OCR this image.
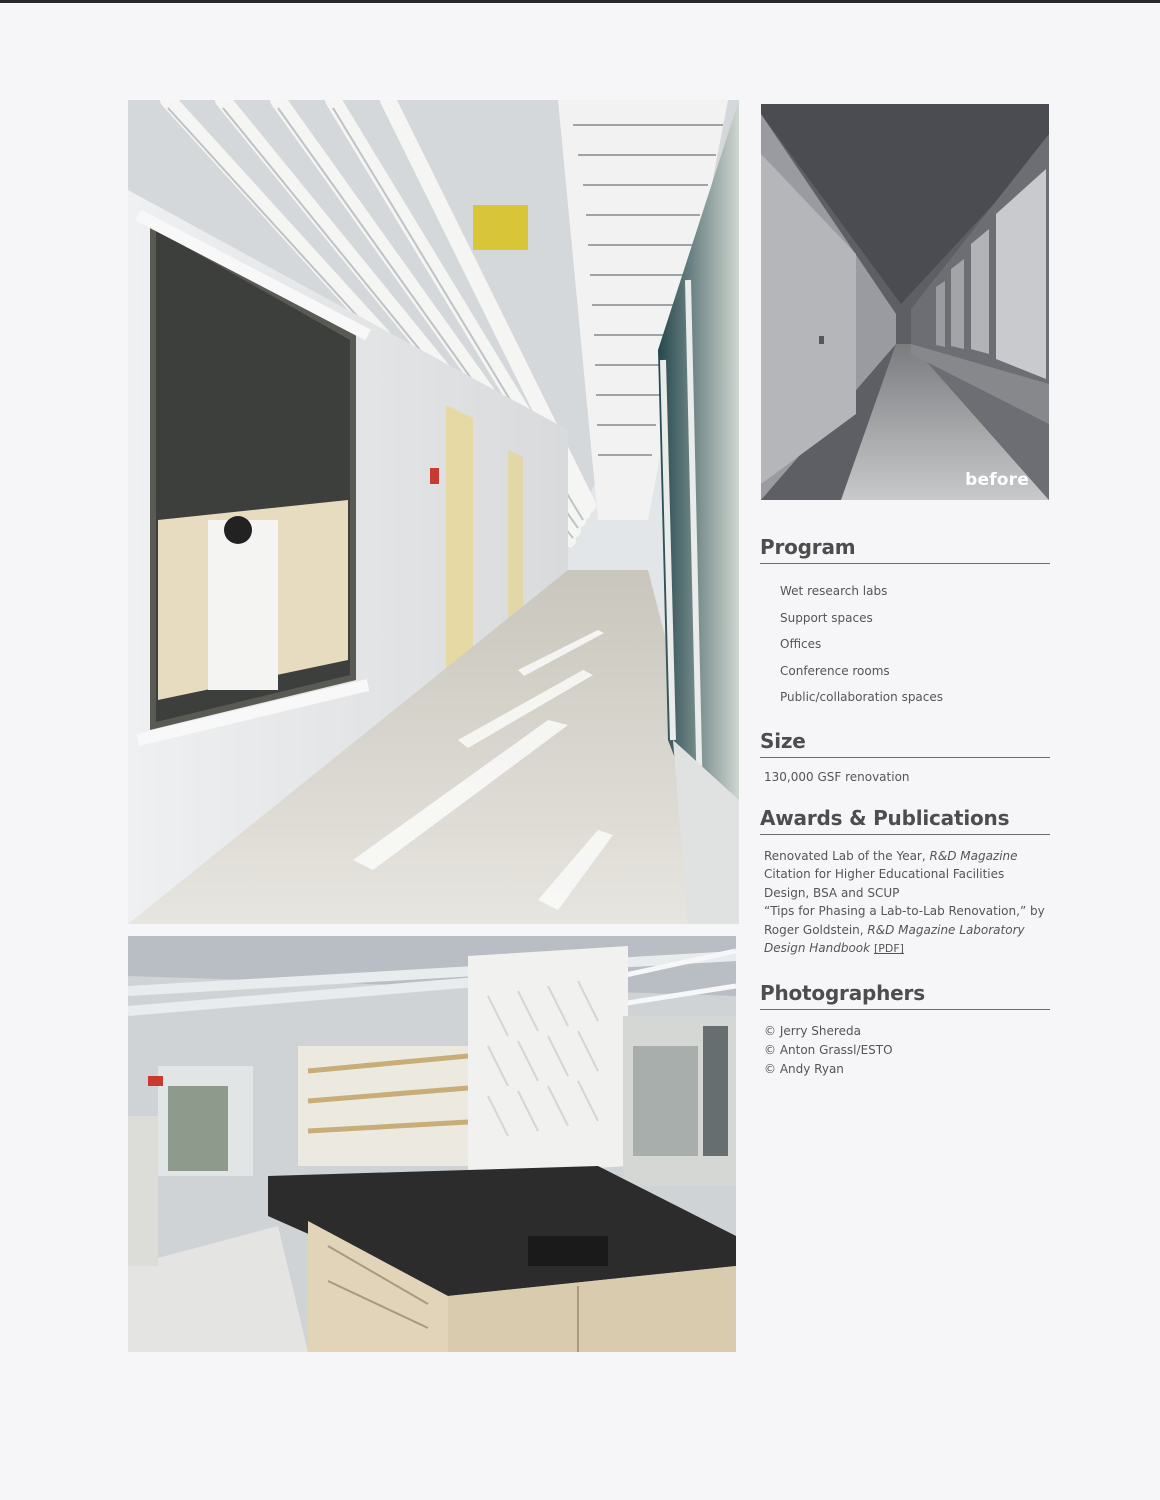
before
Program
Wet research labs
Support spaces
Offices
Conference rooms
Public/collaboration spaces
Size

130,000 GSF renovation

Awards & Publications

Renovated Lab of the Year, R&D Magazine

Citation for Higher Educational Facilities Design, BSA and SCUP

“Tips for Phasing a Lab-to-Lab Renovation,” by Roger Goldstein, R&D Magazine Laboratory Design Handbook [PDF]

Photographers
© Jerry Shereda
© Anton Grassl/ESTO
© Andy Ryan
